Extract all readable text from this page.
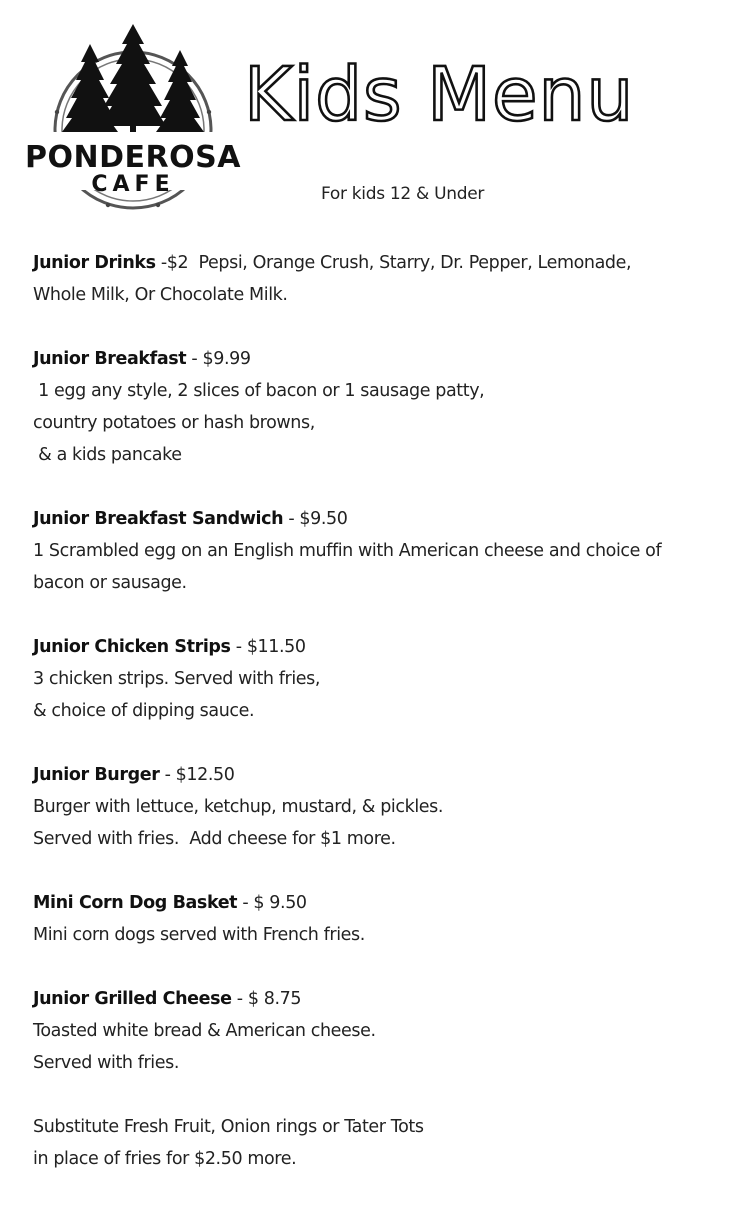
PONDEROSA
CAFE
Kids Menu
For kids 12 & Under
Junior Drinks -$2  Pepsi, Orange Crush, Starry, Dr. Pepper, Lemonade,
Whole Milk, Or Chocolate Milk.
Junior Breakfast - $9.99
1 egg any style, 2 slices of bacon or 1 sausage patty,
country potatoes or hash browns,
& a kids pancake
Junior Breakfast Sandwich - $9.50
1 Scrambled egg on an English muffin with American cheese and choice of
bacon or sausage.
Junior Chicken Strips - $11.50
3 chicken strips. Served with fries,
& choice of dipping sauce.
Junior Burger - $12.50
Burger with lettuce, ketchup, mustard, & pickles.
Served with fries.  Add cheese for $1 more.
Mini Corn Dog Basket - $ 9.50
Mini corn dogs served with French fries.
Junior Grilled Cheese - $ 8.75
Toasted white bread & American cheese.
Served with fries.
Substitute Fresh Fruit, Onion rings or Tater Tots
in place of fries for $2.50 more.
